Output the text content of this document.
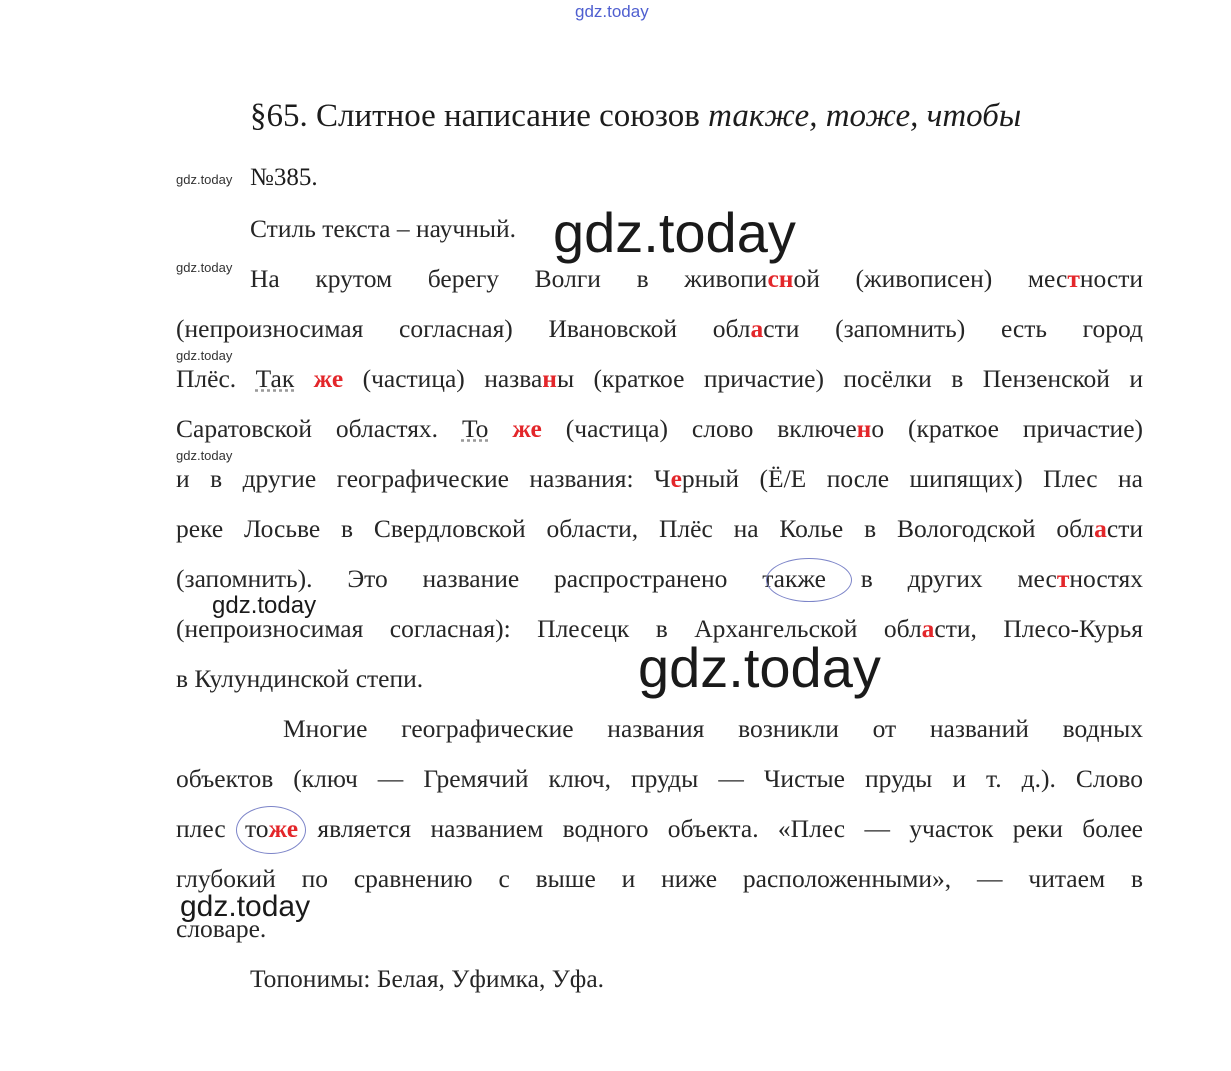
gdz.today
§65. Слитное написание союзов также, тоже, чтобы
gdz.today №385.
Стиль текста – научный. gdz.today
gdz.today На крутом берегу Волги в живописной (живописен) местности
(непроизносимая согласная) Ивановской области (запомнить) есть город
gdz.today
Плёс. Так же (частица) названы (краткое причастие) посёлки в Пензенской и
Саратовской областях. То же (частица) слово включено (краткое причастие)
gdz.today
и в другие географические названия: Черный (Ё/Е после шипящих) Плес на
реке Лосьве в Свердловской области, Плёс на Колье в Вологодской области
(запомнить). Это название распространено также в других местностях
gdz.today
(непроизносимая согласная): Плесецк в Архангельской области, Плесо-Курья
в Кулундинской степи.	gdz.today
Многие географические названия возникли от названий водных
объектов (ключ — Гремячий ключ, пруды — Чистые пруды и т. д.). Слово
плес тоже является названием водного объекта. «Плес — участок реки более
глубокий по сравнению с выше и ниже расположенными», — читаем в
gdz.today
словаре.
Топонимы: Белая, Уфимка, Уфа.
